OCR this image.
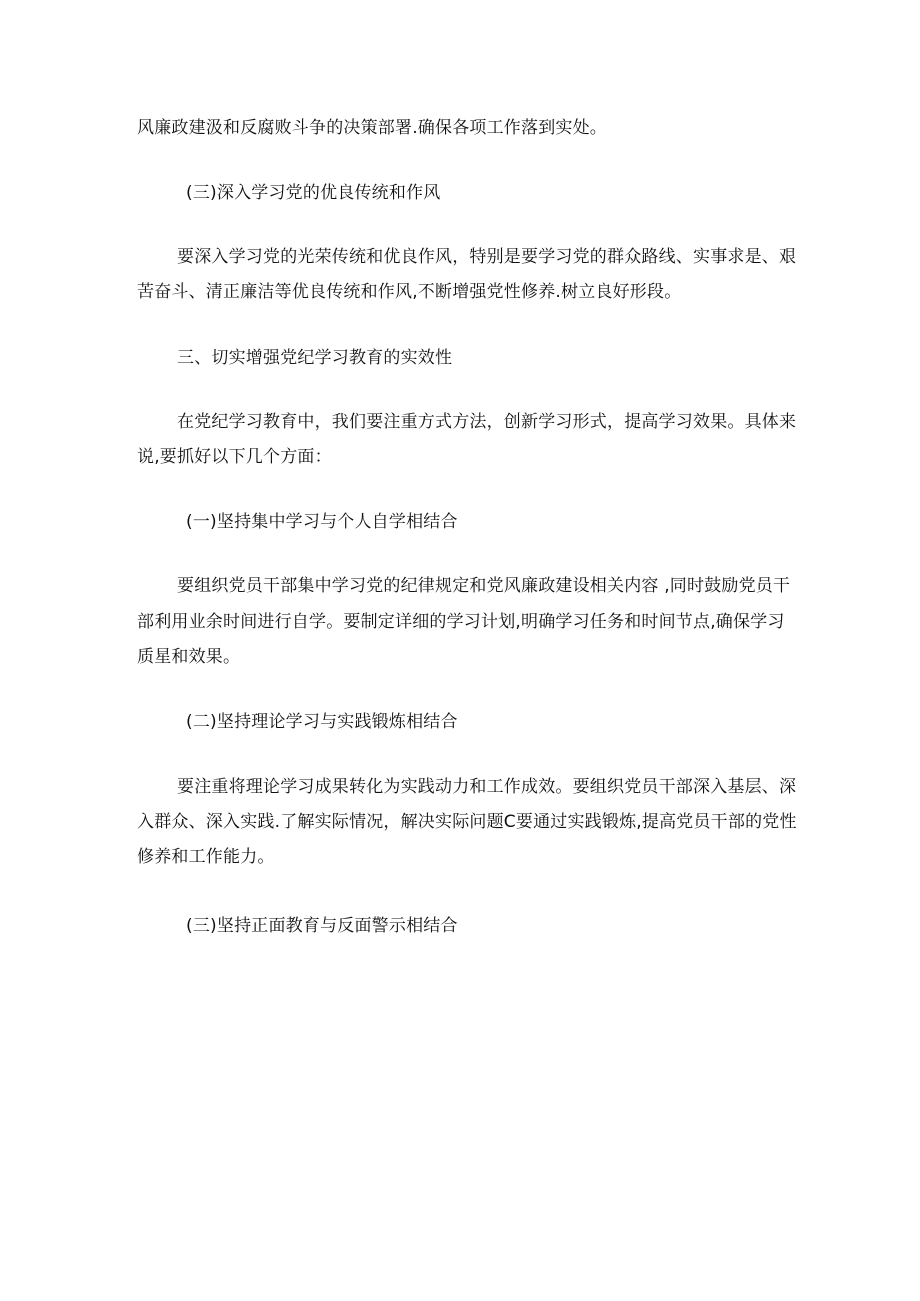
风廉政建汲和反腐败斗争的决策部署.确保各项工作落到实处。
(三)深入学习党的优良传统和作风
要深入学习党的光荣传统和优良作风，特别是要学习党的群众路线、实事求是、艰
苦奋斗、清正廉洁等优良传统和作风,不断增强党性修养.树立良好形段。
三、切实增强党纪学习教育的实效性
在党纪学习教育中，我们要注重方式方法，创新学习形式，提高学习效果。具体来
说,要抓好以下几个方面：
(一)坚持集中学习与个人自学相结合
要组织党员干部集中学习党的纪律规定和党风廉政建设相关内容 ,同时鼓励党员干
部利用业余时间进行自学。要制定详细的学习计划,明确学习任务和时间节点,确保学习
质星和效果。
(二)坚持理论学习与实践锻炼相结合
要注重将理论学习成果转化为实践动力和工作成效。要组织党员干部深入基层、深
入群众、深入实践.了解实际情况，解决实际问题C要通过实践锻炼,提高党员干部的党性
修养和工作能力。
(三)坚持正面教育与反面警示相结合
